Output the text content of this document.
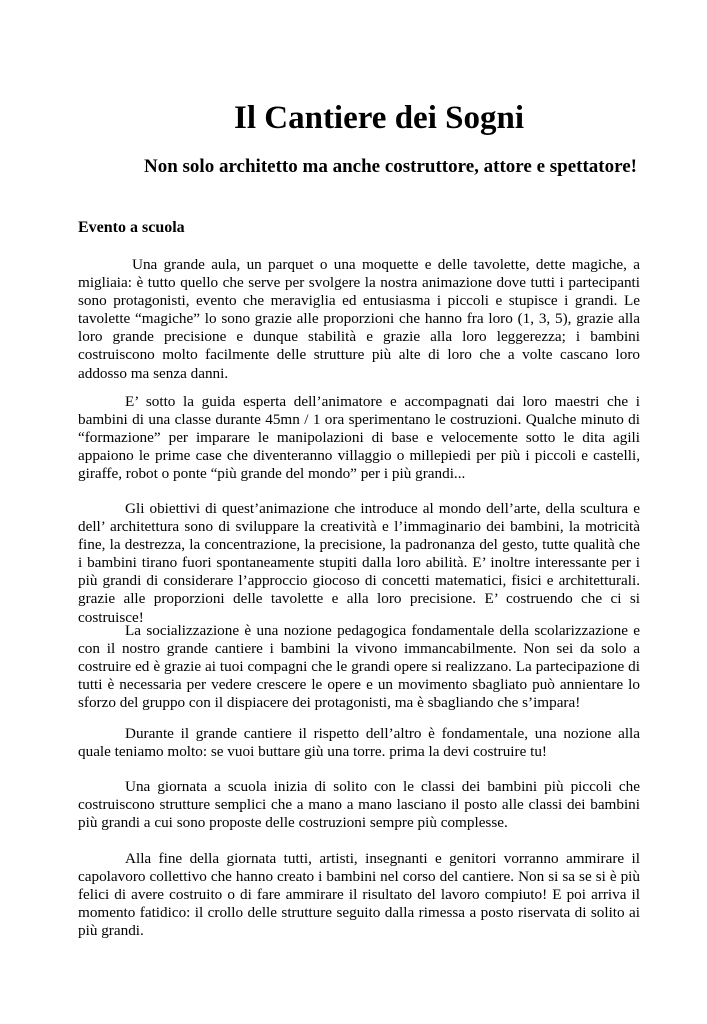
Il Cantiere dei Sogni

Non solo architetto ma anche costruttore, attore e spettatore!

Evento a scuola

Una grande aula, un parquet o una moquette e delle tavolette, dette magiche, a migliaia: è tutto quello che serve per svolgere la nostra animazione dove tutti i partecipanti sono protagonisti, evento che meraviglia ed entusiasma i piccoli e stupisce i grandi. Le tavolette “magiche” lo sono grazie alle proporzioni che hanno fra loro (1, 3, 5), grazie alla loro grande precisione e dunque stabilità e grazie alla loro leggerezza; i bambini costruiscono molto facilmente delle strutture più alte di loro che a volte cascano loro addosso ma senza danni.

E’ sotto la guida esperta dell’animatore e accompagnati dai loro maestri che i bambini di una classe durante 45mn / 1 ora sperimentano le costruzioni. Qualche minuto di “formazione” per imparare le manipolazioni di base e velocemente sotto le dita agili appaiono le prime case che diventeranno villaggio o millepiedi per più i piccoli e castelli, giraffe, robot o ponte “più grande del mondo” per i più grandi...

Gli obiettivi di quest’animazione che introduce al mondo dell’arte, della scultura e dell’ architettura sono di sviluppare la creatività e l’immaginario dei bambini, la motricità fine, la destrezza, la concentrazione, la precisione, la padronanza del gesto, tutte qualità che i bambini tirano fuori spontaneamente stupiti dalla loro abilità. E’ inoltre interessante per i più grandi di considerare l’approccio giocoso di concetti matematici, fisici e architetturali. grazie alle proporzioni delle tavolette e alla loro precisione. E’ costruendo che ci si costruisce!

La socializzazione è una nozione pedagogica fondamentale della scolarizzazione e con il nostro grande cantiere i bambini la vivono immancabilmente. Non sei da solo a costruire ed è grazie ai tuoi compagni che le grandi opere si realizzano. La partecipazione di tutti è necessaria per vedere crescere le opere e un movimento sbagliato può annientare lo sforzo del gruppo con il dispiacere dei protagonisti, ma è sbagliando che s’impara!

Durante il grande cantiere il rispetto dell’altro è fondamentale, una nozione alla quale teniamo molto: se vuoi buttare giù una torre. prima la devi costruire tu!

Una giornata a scuola inizia di solito con le classi dei bambini più piccoli che costruiscono strutture semplici che a mano a mano lasciano il posto alle classi dei bambini più grandi a cui sono proposte delle costruzioni sempre più complesse.

Alla fine della giornata tutti, artisti, insegnanti e genitori vorranno ammirare il capolavoro collettivo che hanno creato i bambini nel corso del cantiere. Non si sa se si è più felici di avere costruito o di fare ammirare il risultato del lavoro compiuto! E poi arriva il momento fatidico: il crollo delle strutture seguito dalla rimessa a posto riservata di solito ai più grandi.
